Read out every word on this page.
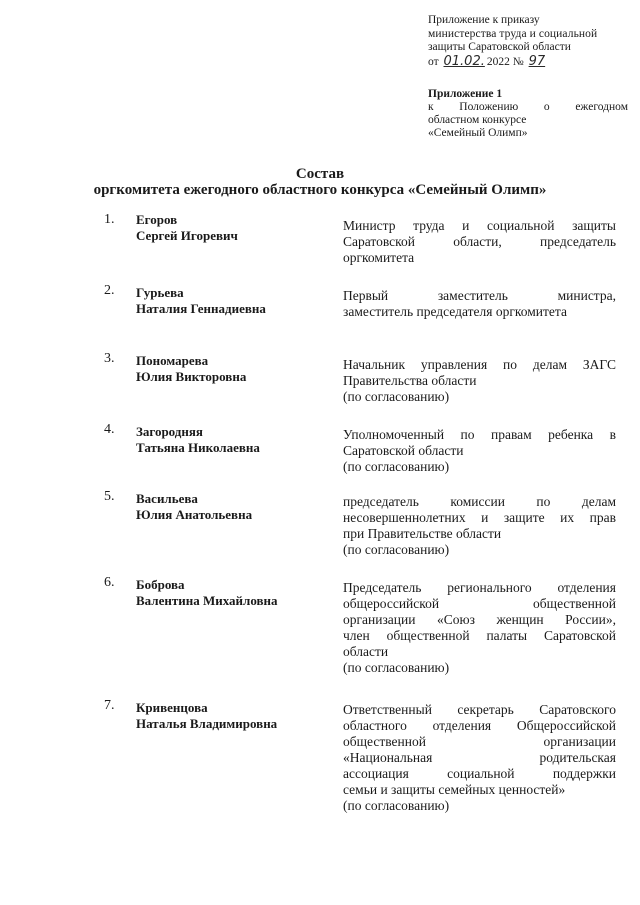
Приложение к приказу
министерства труда и социальной
защиты Саратовской области
от 01.02. 2022 № 97
Приложение 1
к Положению о ежегодном
областном конкурсе
«Семейный Олимп»
Состав
оргкомитета ежегодного областного конкурса «Семейный Олимп»
1. Егоров
Сергей Игоревич
Министр труда и социальной защиты
Саратовской области, председатель
оргкомитета
2. Гурьева
Наталия Геннадиевна
Первый заместитель министра,
заместитель председателя оргкомитета
3. Пономарева
Юлия Викторовна
Начальник управления по делам ЗАГС
Правительства области
(по согласованию)
4. Загородняя
Татьяна Николаевна
Уполномоченный по правам ребенка в
Саратовской области
(по согласованию)
5. Васильева
Юлия Анатольевна
председатель комиссии по делам
несовершеннолетних и защите их прав
при Правительстве области
(по согласованию)
6. Боброва
Валентина Михайловна
Председатель регионального отделения
общероссийской общественной
организации «Союз женщин России»,
член общественной палаты Саратовской
области
(по согласованию)
7. Кривенцова
Наталья Владимировна
Ответственный секретарь Саратовского
областного отделения Общероссийской
общественной организации
«Национальная родительская
ассоциация социальной поддержки
семьи и защиты семейных ценностей»
(по согласованию)
